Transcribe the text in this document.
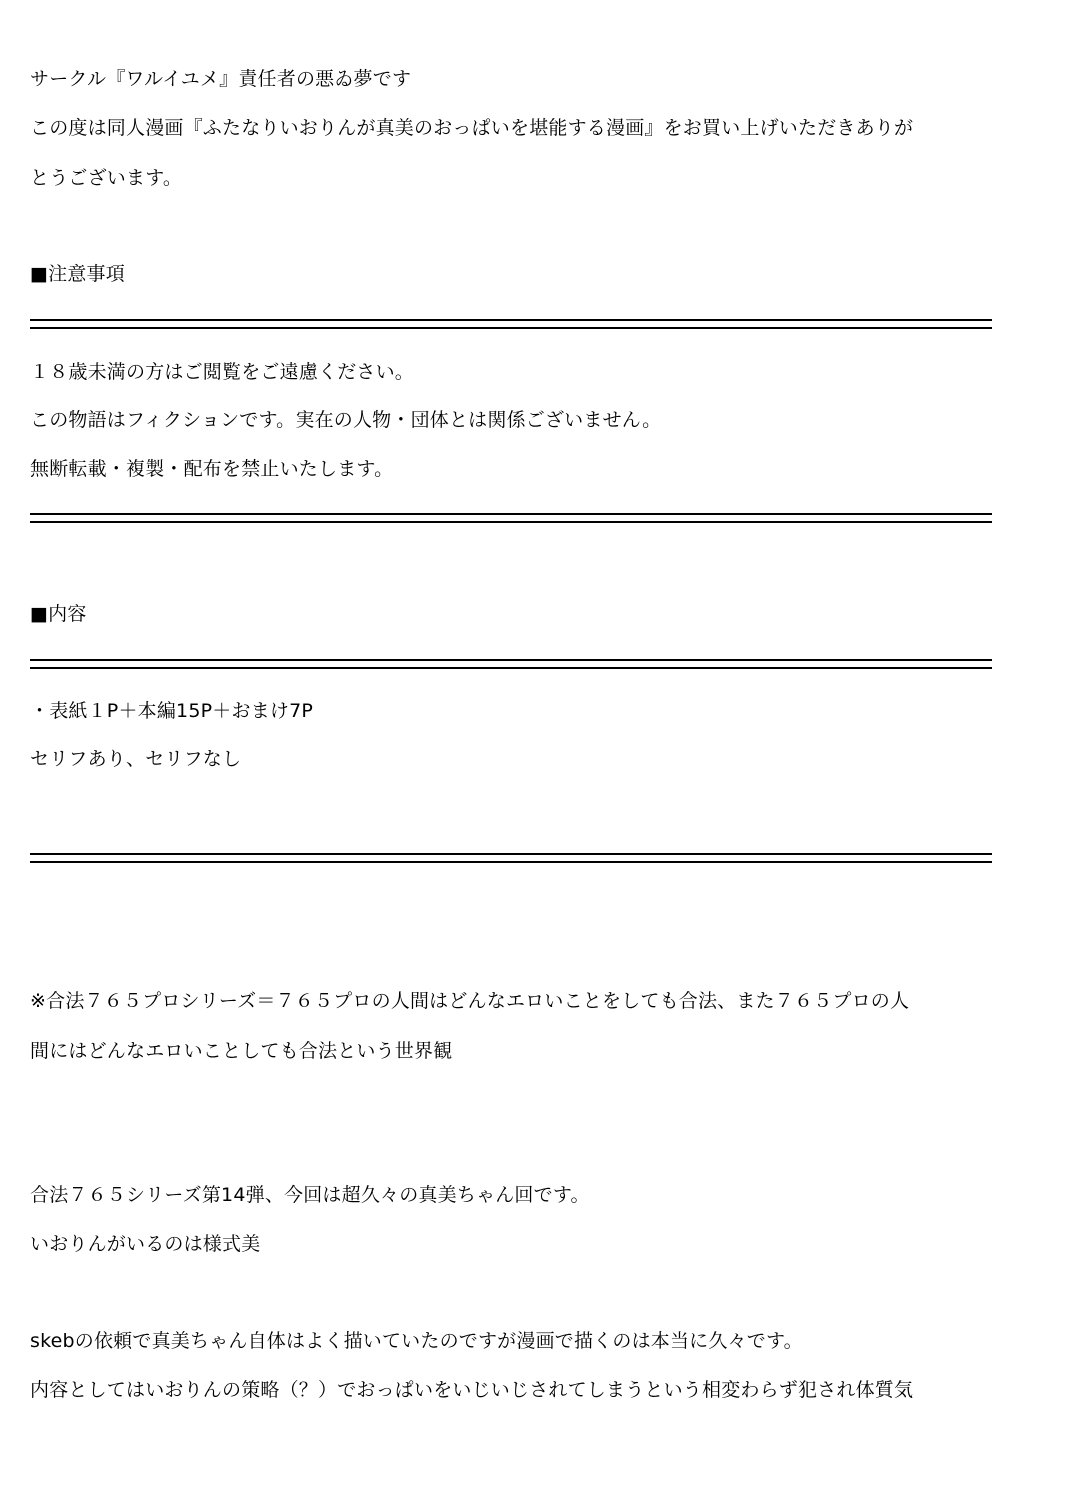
サークル『ワルイユメ』責任者の悪ゐ夢です
この度は同人漫画『ふたなりいおりんが真美のおっぱいを堪能する漫画』をお買い上げいただきありが
とうございます。
■注意事項
１８歳未満の方はご閲覧をご遠慮ください。
この物語はフィクションです。実在の人物・団体とは関係ございません。
無断転載・複製・配布を禁止いたします。
■内容
・表紙１P＋本編15P＋おまけ7P
セリフあり、セリフなし
※合法７６５プロシリーズ＝７６５プロの人間はどんなエロいことをしても合法、また７６５プロの人
間にはどんなエロいことしても合法という世界観
合法７６５シリーズ第14弾、今回は超久々の真美ちゃん回です。
いおりんがいるのは様式美
skebの依頼で真美ちゃん自体はよく描いていたのですが漫画で描くのは本当に久々です。
内容としてはいおりんの策略（？）でおっぱいをいじいじされてしまうという相変わらず犯され体質気
